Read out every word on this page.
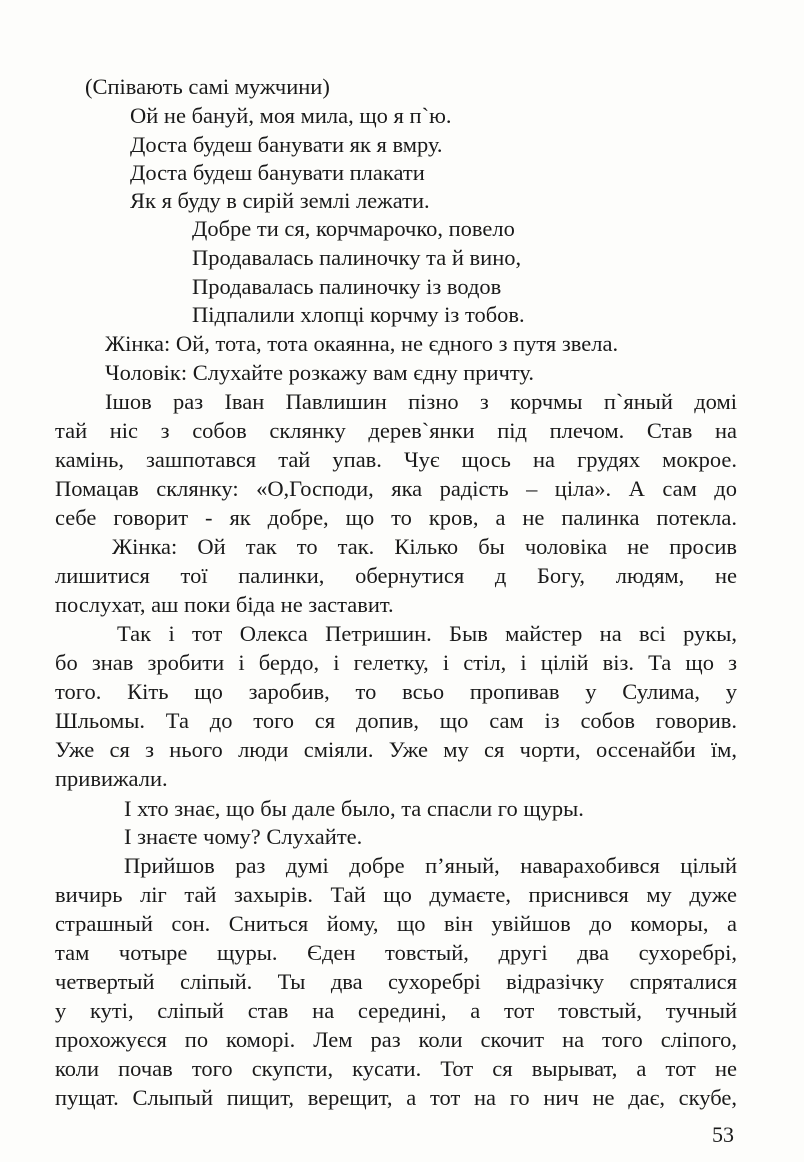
(Співають самі мужчини)
Ой не бануй, моя мила, що я п`ю.
Доста будеш банувати як я вмру.
Доста будеш банувати плакати
Як я буду в сирій землі лежати.
Добре ти ся, корчмарочко, повело
Продавалась палиночку та й вино,
Продавалась палиночку із водов
Підпалили хлопці корчму із тобов.
Жінка: Ой, тота, тота окаянна, не єдного з путя звела.
Чоловік: Слухайте розкажу вам єдну причту.
Ішов раз Іван Павлишин пізно з корчмы п`яный домі
тай ніс з собов склянку дерев`янки під плечом. Став на
камінь, зашпотався тай упав. Чує щось на грудях мокрое.
Помацав склянку: «О,Господи, яка радість – ціла». А сам до
себе говорит - як добре, що то кров, а не палинка потекла.
Жінка: Ой так то так. Кілько бы чоловіка не просив
лишитися тої палинки, обернутися д Богу, людям, не
послухат, аш поки біда не заставит.
Так і тот Олекса Петришин. Быв майстер на всі рукы,
бо знав зробити і бердо, і гелетку, і стіл, і цілій віз. Та що з
того. Кіть що заробив, то всьо пропивав у Сулима, у
Шльомы. Та до того ся допив, що сам із собов говорив.
Уже ся з нього люди сміяли. Уже му ся чорти, оссенайби їм,
привижали.
І хто знає, що бы дале было, та спасли го щуры.
І знаєте чому? Слухайте.
Прийшов раз думі добре п’яный, наварахобився цілый
вичирь ліг тай захырів. Тай що думаєте, приснився му дуже
страшный сон. Сниться йому, що він увійшов до коморы, а
там чотыре щуры. Єден товстый, другі два сухоребрі,
четвертый сліпый. Ты два сухоребрі відразічку спряталися
у куті, сліпый став на середині, а тот товстый, тучный
прохожуєся по коморі. Лем раз коли скочит на того сліпого,
коли почав того скупсти, кусати. Тот ся вырыват, а тот не
пущат. Слыпый пищит, верещит, а тот на го нич не дає, скубе,
53
